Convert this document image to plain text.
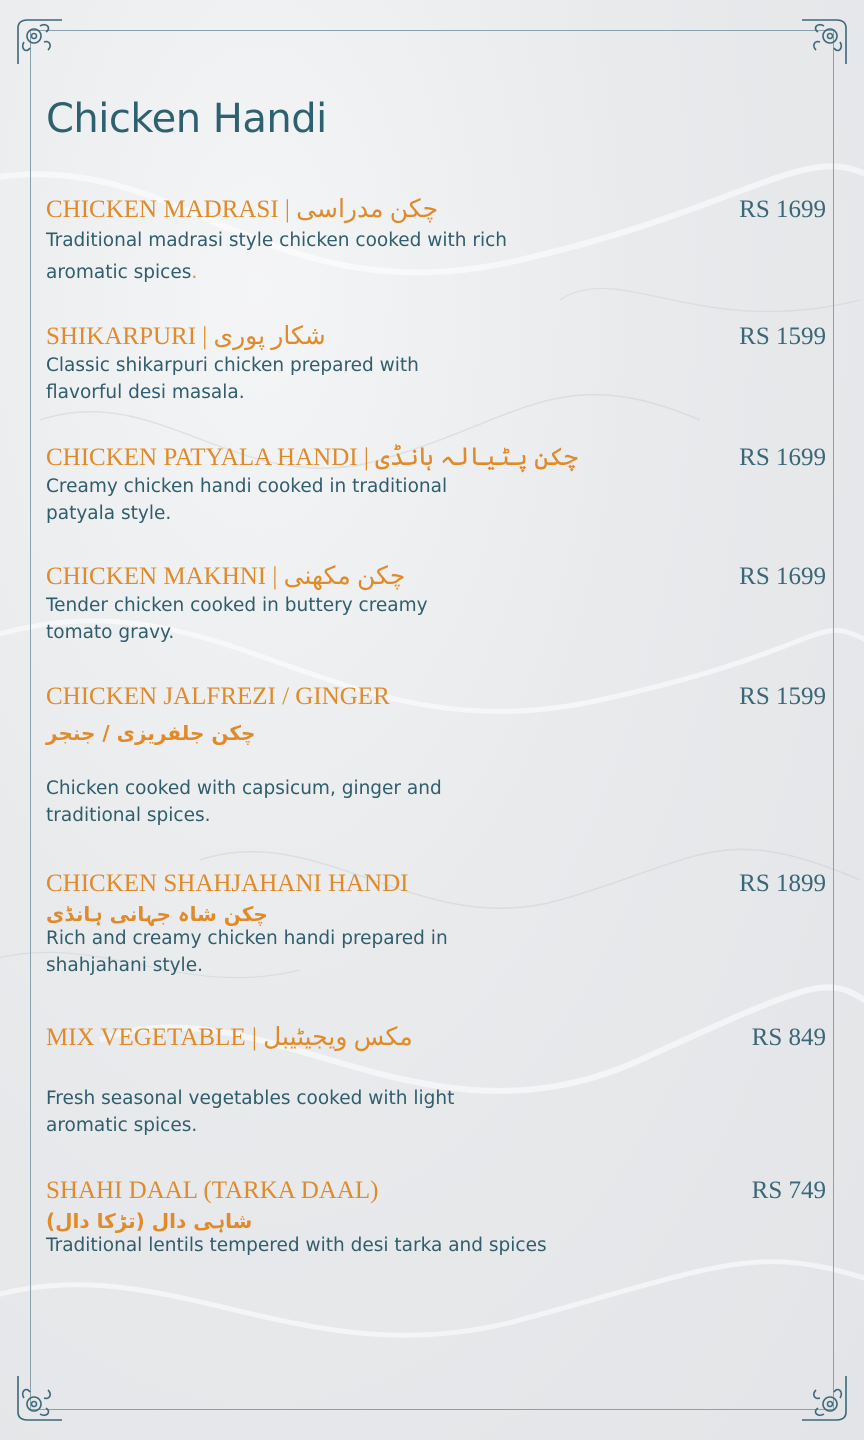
Chicken Handi
CHICKEN MADRASI | چکن مدراسی
Traditional madrasi style chicken cooked with rich aromatic spices.
RS 1699
SHIKARPURI | شکار پوری
Classic shikarpuri chicken prepared with flavorful desi masala.
RS 1599
CHICKEN PATYALA HANDI | چکن پٹیالہ ہانڈی
Creamy chicken handi cooked in traditional patyala style.
RS 1699
CHICKEN MAKHNI | چکن مکھنی
Tender chicken cooked in buttery creamy tomato gravy.
RS 1699
CHICKEN JALFREZI / GINGER
چکن جلفریزی / جنجر
Chicken cooked with capsicum, ginger and traditional spices.
RS 1599
CHICKEN SHAHJAHANI HANDI
چکن شاہ جہانی ہانڈی
Rich and creamy chicken handi prepared in shahjahani style.
RS 1899
MIX VEGETABLE | مکس ویجیٹیبل
Fresh seasonal vegetables cooked with light aromatic spices.
RS 849
SHAHI DAAL (TARKA DAAL)
شاہی دال (تڑکا دال)
Traditional lentils tempered with desi tarka and spices
RS 749
